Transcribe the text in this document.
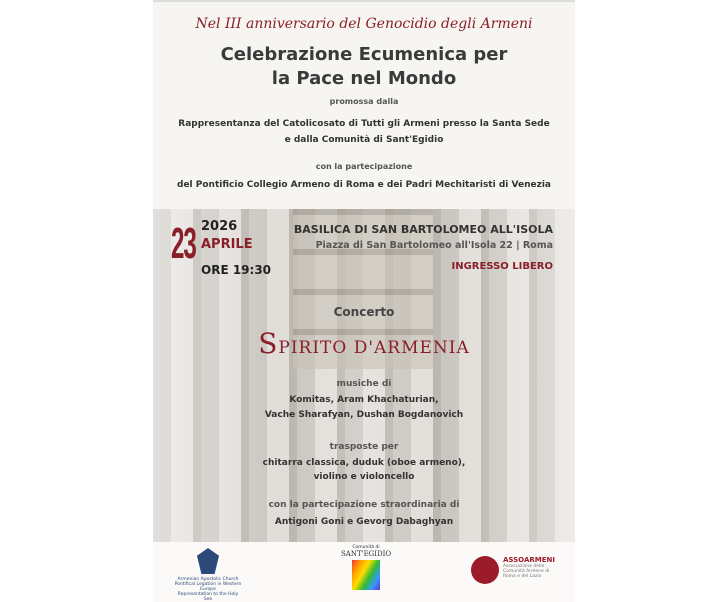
Nel III anniversario del Genocidio degli Armeni
Celebrazione Ecumenica per
la Pace nel Mondo
promossa dalla
Rappresentanza del Catolicosato di Tutti gli Armeni presso la Santa Sede
e dalla Comunità di Sant'Egidio
con la partecipazione
del Pontificio Collegio Armeno di Roma e dei Padri Mechitaristi di Venezia
23 2026
APRILE
ORE 19:30
BASILICA DI SAN BARTOLOMEO ALL'ISOLA
Piazza di San Bartolomeo all'Isola 22 | Roma
INGRESSO LIBERO
Concerto
SPIRITO D'ARMENIA
musiche di
Komitas, Aram Khachaturian,
Vache Sharafyan, Dushan Bogdanovich
trasposte per
chitarra classica, duduk (oboe armeno),
violino e violoncello
con la partecipazione straordinaria di
Antigoni Goni e Gevorg Dabaghyan
Armenian Apostolic Church
Pontifical Legation in Western Europe
Representation to the Holy See
Comunità di
SANT'EGIDIO
ASSOARMENI
Associazione delle Comunità Armene di Roma e del Lazio
